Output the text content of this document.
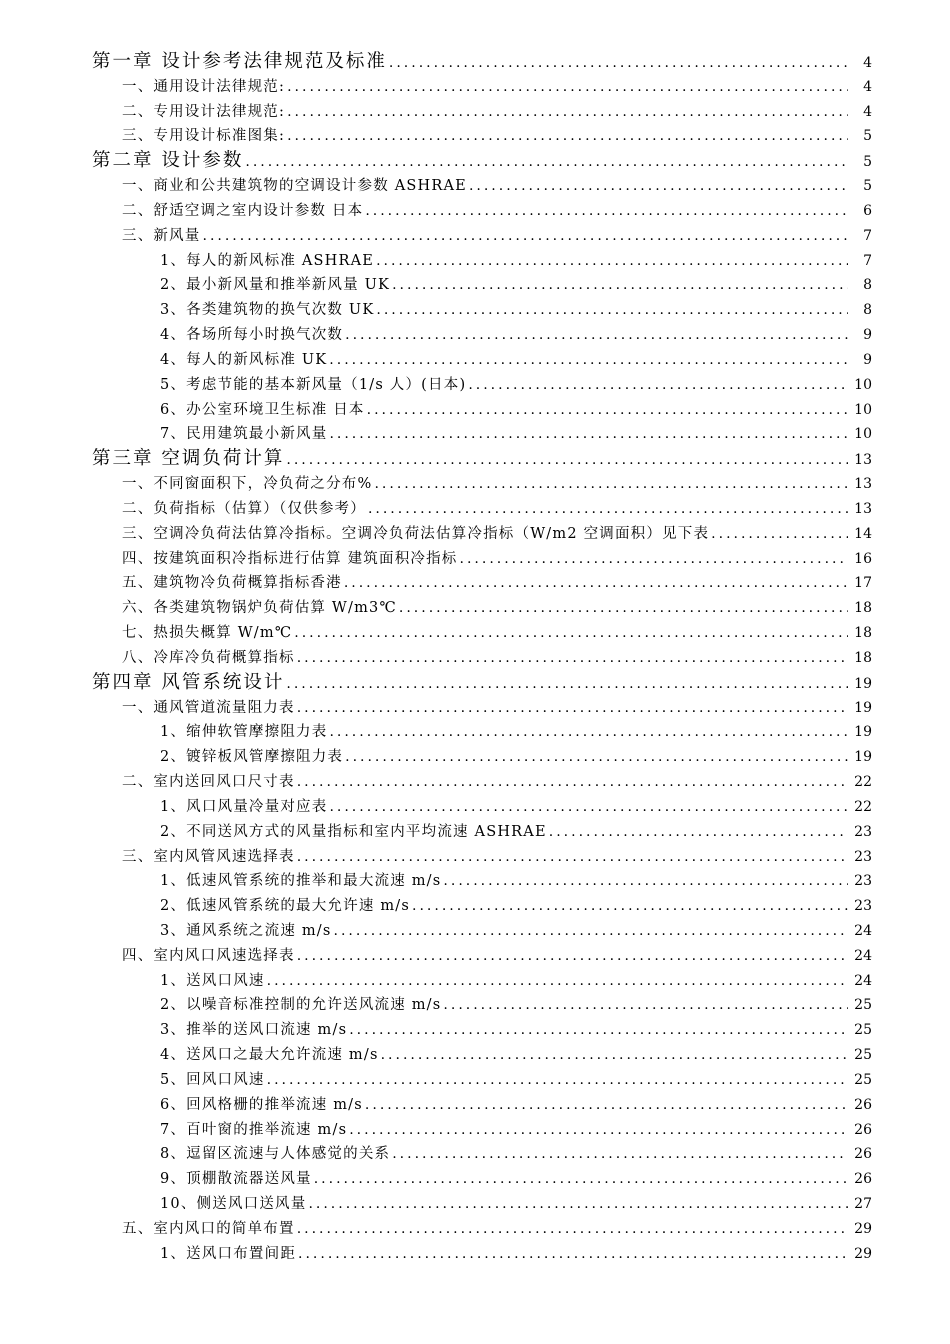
第一章 设计参考法律规范及标准 .....	4
一、通用设计法律规范: .....	4
二、专用设计法律规范: .....	4
三、专用设计标准图集: .....	5
第二章 设计参数 .....	5
一、商业和公共建筑物的空调设计参数 ASHRAE .....	5
二、舒适空调之室内设计参数 日本 .....	6
三、新风量 .....	7
1、每人的新风标准 ASHRAE .....	7
2、最小新风量和推举新风量 UK .....	8
3、各类建筑物的换气次数 UK .....	8
4、各场所每小时换气次数 .....	9
4、每人的新风标准 UK .....	9
5、考虑节能的基本新风量（1/s 人）(日本) .....	10
6、办公室环境卫生标准 日本 .....	10
7、民用建筑最小新风量 .....	10
第三章 空调负荷计算 .....	13
一、不同窗面积下，冷负荷之分布% .....	13
二、负荷指标（估算）（仅供参考） .....	13
三、空调冷负荷法估算冷指标。空调冷负荷法估算冷指标（W/m2 空调面积）见下表 .....	14
四、按建筑面积冷指标进行估算 建筑面积冷指标 .....	16
五、建筑物冷负荷概算指标香港 .....	17
六、各类建筑物锅炉负荷估算 W/m3℃ .....	18
七、热损失概算 W/m℃ .....	18
八、冷库冷负荷概算指标 .....	18
第四章 风管系统设计 .....	19
一、通风管道流量阻力表 .....	19
1、缩伸软管摩擦阻力表 .....	19
2、镀锌板风管摩擦阻力表 .....	19
二、室内送回风口尺寸表 .....	22
1、风口风量冷量对应表 .....	22
2、不同送风方式的风量指标和室内平均流速 ASHRAE .....	23
三、室内风管风速选择表 .....	23
1、低速风管系统的推举和最大流速 m/s .....	23
2、低速风管系统的最大允许速 m/s .....	23
3、通风系统之流速 m/s .....	24
四、室内风口风速选择表 .....	24
1、送风口风速 .....	24
2、以噪音标准控制的允许送风流速 m/s .....	25
3、推举的送风口流速 m/s .....	25
4、送风口之最大允许流速 m/s .....	25
5、回风口风速 .....	25
6、回风格栅的推举流速 m/s .....	26
7、百叶窗的推举流速 m/s .....	26
8、逗留区流速与人体感觉的关系 .....	26
9、顶棚散流器送风量 .....	26
10、侧送风口送风量 .....	27
五、室内风口的简单布置 .....	29
1、送风口布置间距 .....	29
